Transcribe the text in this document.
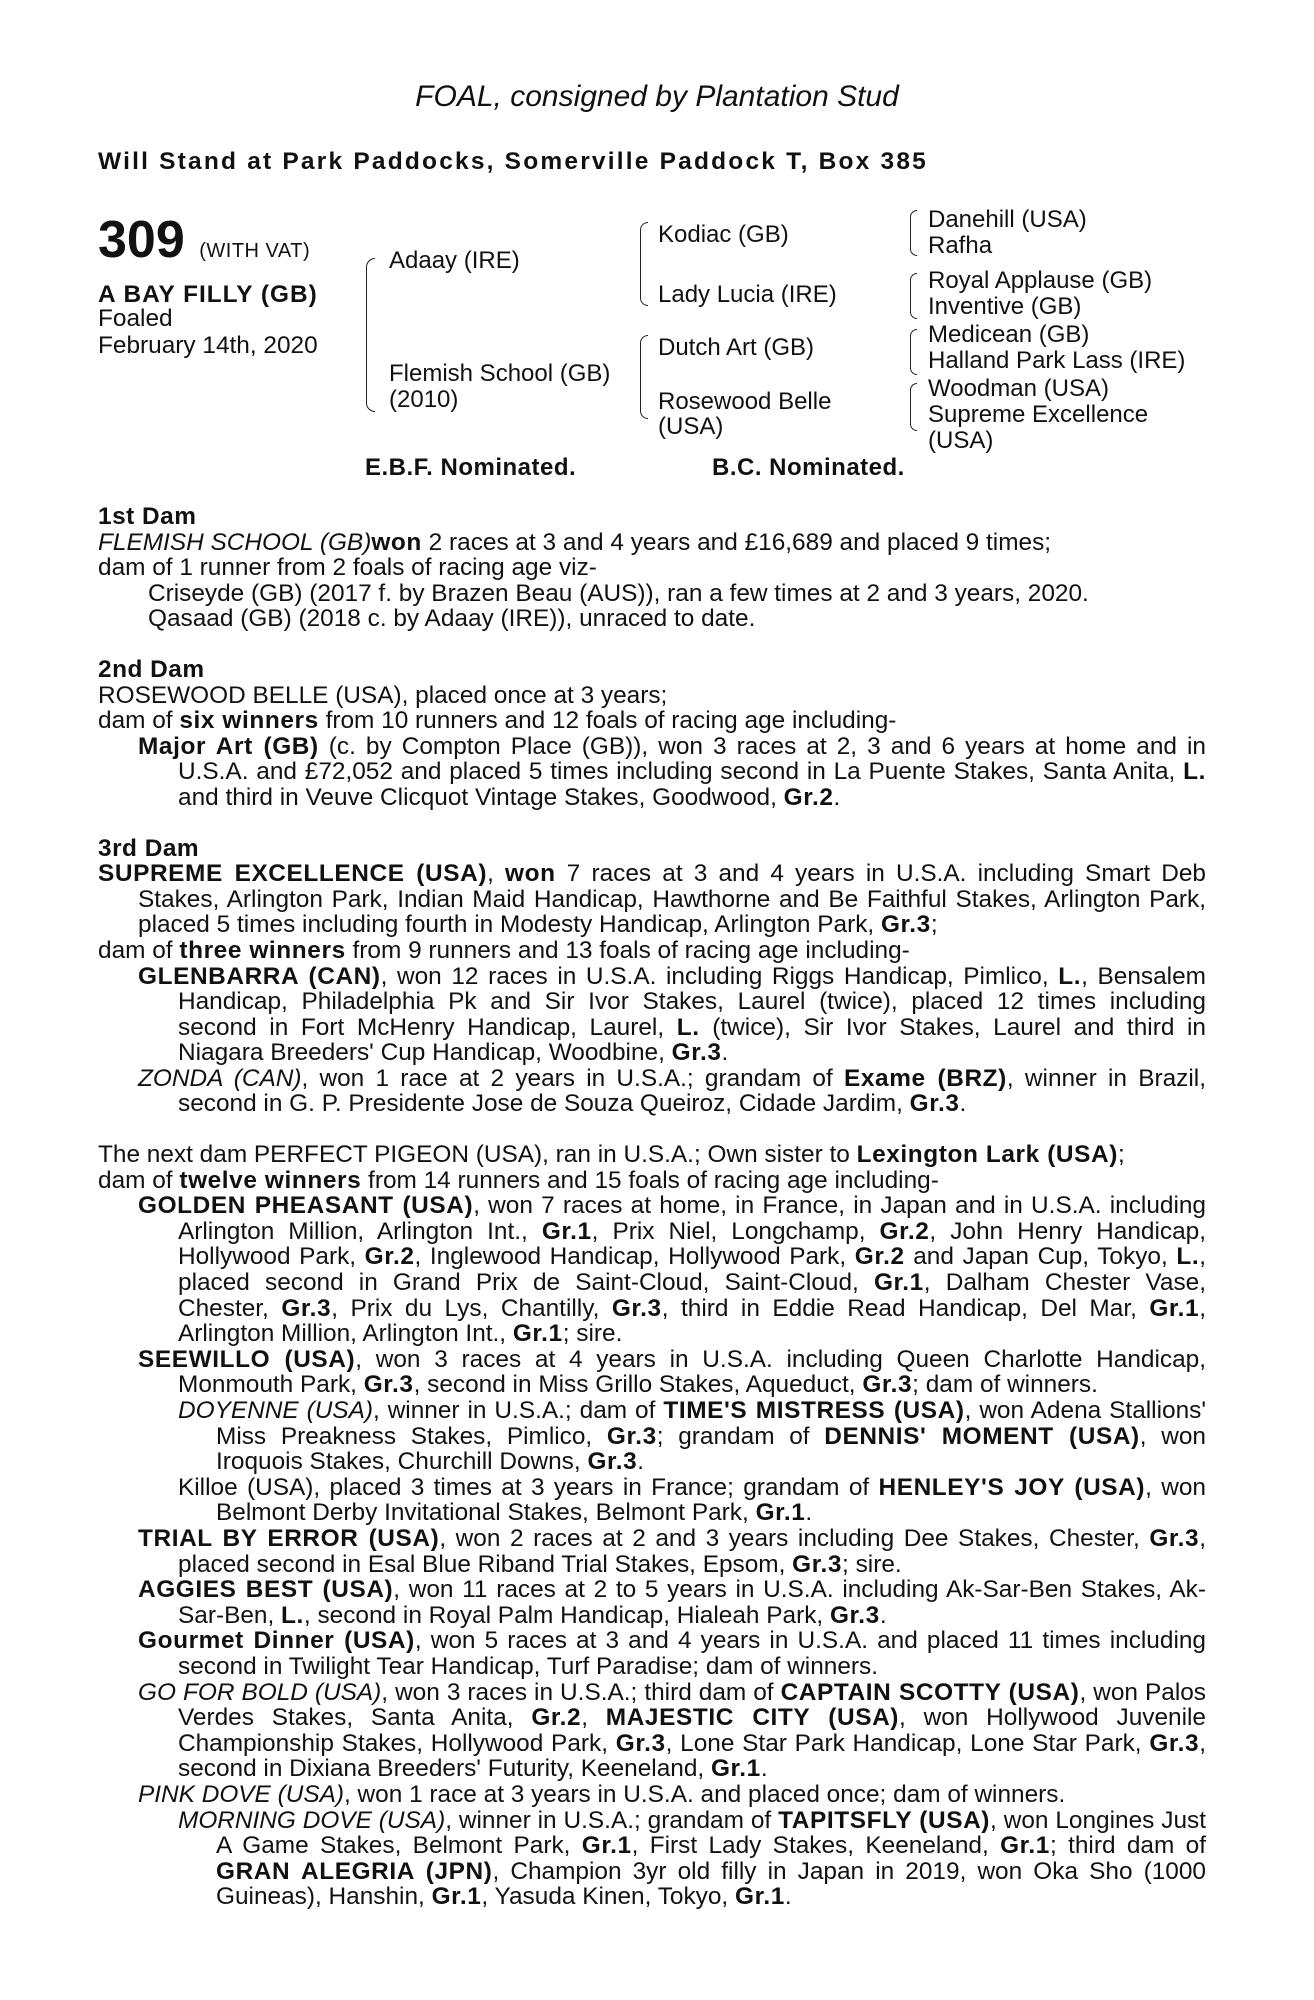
FOAL, consigned by Plantation Stud
Will Stand at Park Paddocks, Somerville Paddock T, Box 385
309 (WITH VAT)
A BAY FILLY (GB)
Foaled
February 14th, 2020
Adaay (IRE)
Flemish School (GB)
(2010)
Kodiac (GB)
Lady Lucia (IRE)
Dutch Art (GB)
Rosewood Belle
(USA)
Danehill (USA)
Rafha
Royal Applause (GB)
Inventive (GB)
Medicean (GB)
Halland Park Lass (IRE)
Woodman (USA)
Supreme Excellence
(USA)
E.B.F. Nominated.	B.C. Nominated.

1st Dam

FLEMISH SCHOOL (GB)won 2 races at 3 and 4 years and £16,689 and placed 9 times;

dam of 1 runner from 2 foals of racing age viz-

Criseyde (GB) (2017 f. by Brazen Beau (AUS)), ran a few times at 2 and 3 years, 2020.

Qasaad (GB) (2018 c. by Adaay (IRE)), unraced to date.

2nd Dam

ROSEWOOD BELLE (USA), placed once at 3 years;

dam of six winners from 10 runners and 12 foals of racing age including-

Major Art (GB) (c. by Compton Place (GB)), won 3 races at 2, 3 and 6 years at home and in U.S.A. and £72,052 and placed 5 times including second in La Puente Stakes, Santa Anita, L. and third in Veuve Clicquot Vintage Stakes, Goodwood, Gr.2.

3rd Dam

SUPREME EXCELLENCE (USA), won 7 races at 3 and 4 years in U.S.A. including Smart Deb Stakes, Arlington Park, Indian Maid Handicap, Hawthorne and Be Faithful Stakes, Arlington Park, placed 5 times including fourth in Modesty Handicap, Arlington Park, Gr.3;

dam of three winners from 9 runners and 13 foals of racing age including-

GLENBARRA (CAN), won 12 races in U.S.A. including Riggs Handicap, Pimlico, L., Bensalem Handicap, Philadelphia Pk and Sir Ivor Stakes, Laurel (twice), placed 12 times including second in Fort McHenry Handicap, Laurel, L. (twice), Sir Ivor Stakes, Laurel and third in Niagara Breeders' Cup Handicap, Woodbine, Gr.3.

ZONDA (CAN), won 1 race at 2 years in U.S.A.; grandam of Exame (BRZ), winner in Brazil, second in G. P. Presidente Jose de Souza Queiroz, Cidade Jardim, Gr.3.

The next dam PERFECT PIGEON (USA), ran in U.S.A.; Own sister to Lexington Lark (USA);

dam of twelve winners from 14 runners and 15 foals of racing age including-

GOLDEN PHEASANT (USA), won 7 races at home, in France, in Japan and in U.S.A. including Arlington Million, Arlington Int., Gr.1, Prix Niel, Longchamp, Gr.2, John Henry Handicap, Hollywood Park, Gr.2, Inglewood Handicap, Hollywood Park, Gr.2 and Japan Cup, Tokyo, L., placed second in Grand Prix de Saint-Cloud, Saint-Cloud, Gr.1, Dalham Chester Vase, Chester, Gr.3, Prix du Lys, Chantilly, Gr.3, third in Eddie Read Handicap, Del Mar, Gr.1, Arlington Million, Arlington Int., Gr.1; sire.

SEEWILLO (USA), won 3 races at 4 years in U.S.A. including Queen Charlotte Handicap, Monmouth Park, Gr.3, second in Miss Grillo Stakes, Aqueduct, Gr.3; dam of winners.

DOYENNE (USA), winner in U.S.A.; dam of TIME'S MISTRESS (USA), won Adena Stallions' Miss Preakness Stakes, Pimlico, Gr.3; grandam of DENNIS' MOMENT (USA), won Iroquois Stakes, Churchill Downs, Gr.3.

Killoe (USA), placed 3 times at 3 years in France; grandam of HENLEY'S JOY (USA), won Belmont Derby Invitational Stakes, Belmont Park, Gr.1.

TRIAL BY ERROR (USA), won 2 races at 2 and 3 years including Dee Stakes, Chester, Gr.3, placed second in Esal Blue Riband Trial Stakes, Epsom, Gr.3; sire.

AGGIES BEST (USA), won 11 races at 2 to 5 years in U.S.A. including Ak-Sar-Ben Stakes, Ak-Sar-Ben, L., second in Royal Palm Handicap, Hialeah Park, Gr.3.

Gourmet Dinner (USA), won 5 races at 3 and 4 years in U.S.A. and placed 11 times including second in Twilight Tear Handicap, Turf Paradise; dam of winners.

GO FOR BOLD (USA), won 3 races in U.S.A.; third dam of CAPTAIN SCOTTY (USA), won Palos Verdes Stakes, Santa Anita, Gr.2, MAJESTIC CITY (USA), won Hollywood Juvenile Championship Stakes, Hollywood Park, Gr.3, Lone Star Park Handicap, Lone Star Park, Gr.3, second in Dixiana Breeders' Futurity, Keeneland, Gr.1.

PINK DOVE (USA), won 1 race at 3 years in U.S.A. and placed once; dam of winners.

MORNING DOVE (USA), winner in U.S.A.; grandam of TAPITSFLY (USA), won Longines Just A Game Stakes, Belmont Park, Gr.1, First Lady Stakes, Keeneland, Gr.1; third dam of GRAN ALEGRIA (JPN), Champion 3yr old filly in Japan in 2019, won Oka Sho (1000 Guineas), Hanshin, Gr.1, Yasuda Kinen, Tokyo, Gr.1.
